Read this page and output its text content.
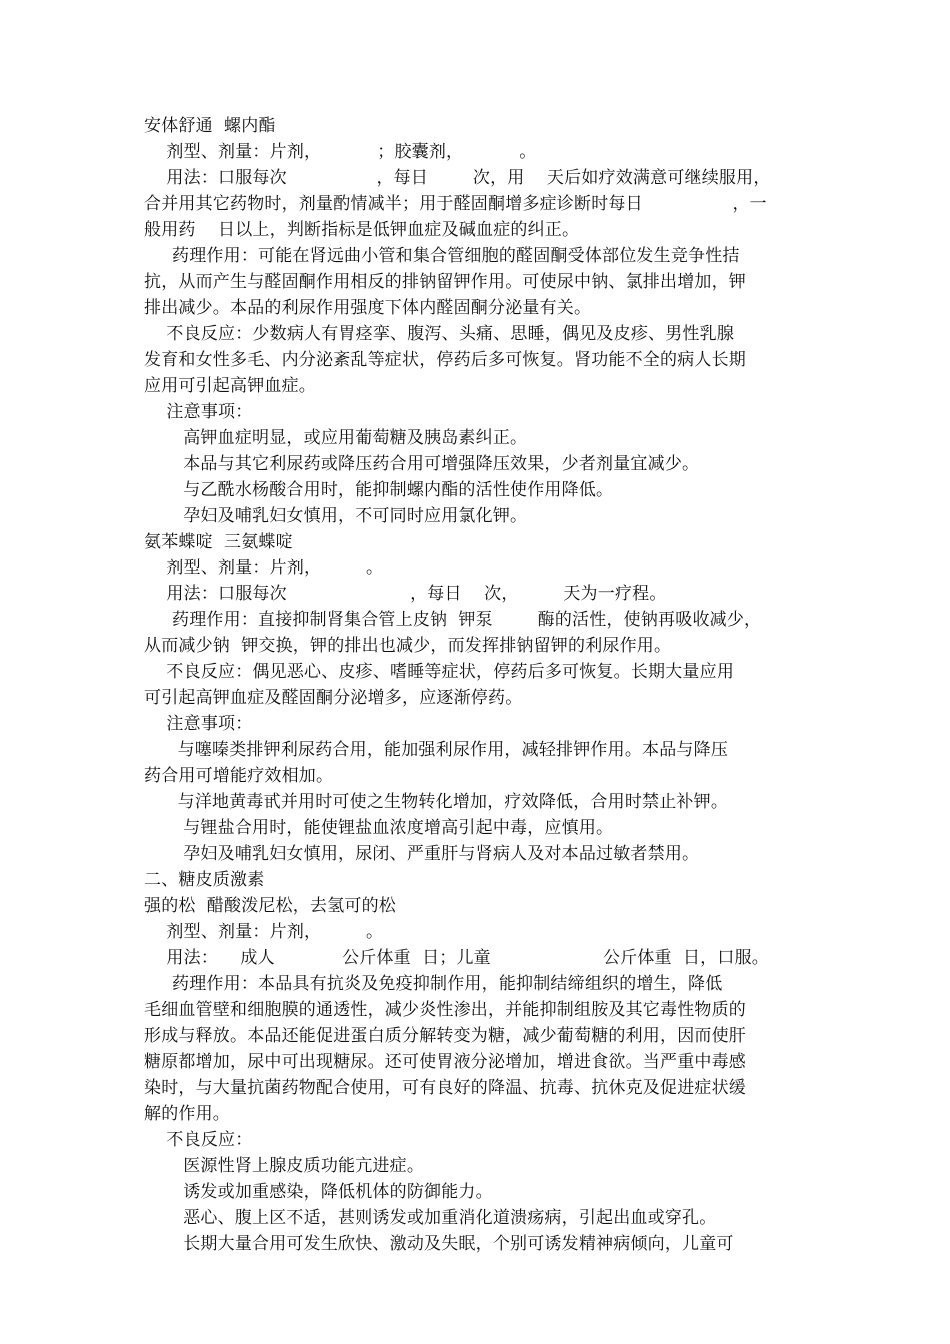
安体舒通  螺内酯
剂型、剂量：片剂，          ；胶囊剂，          。
用法：口服每次                ，每日        次，用    天后如疗效满意可继续服用，
合并用其它药物时，剂量酌情减半；用于醛固酮增多症诊断时每日                ，一
般用药    日以上，判断指标是低钾血症及碱血症的纠正。
药理作用：可能在肾远曲小管和集合管细胞的醛固酮受体部位发生竞争性拮
抗，从而产生与醛固酮作用相反的排钠留钾作用。可使尿中钠、氯排出增加，钾
排出减少。本品的利尿作用强度下体内醛固酮分泌量有关。
不良反应：少数病人有胃痉挛、腹泻、头痛、思睡，偶见及皮疹、男性乳腺
发育和女性多毛、内分泌紊乱等症状，停药后多可恢复。肾功能不全的病人长期
应用可引起高钾血症。
注意事项：
高钾血症明显，或应用葡萄糖及胰岛素纠正。
本品与其它利尿药或降压药合用可增强降压效果，少者剂量宜减少。
与乙酰水杨酸合用时，能抑制螺内酯的活性使作用降低。
孕妇及哺乳妇女慎用，不可同时应用氯化钾。
氨苯蝶啶  三氨蝶啶
剂型、剂量：片剂，        。
用法：口服每次                      ，每日    次，        天为一疗程。
药理作用：直接抑制肾集合管上皮钠  钾泵        酶的活性，使钠再吸收减少，
从而减少钠  钾交换，钾的排出也减少，而发挥排钠留钾的利尿作用。
不良反应：偶见恶心、皮疹、嗜睡等症状，停药后多可恢复。长期大量应用
可引起高钾血症及醛固酮分泌增多，应逐渐停药。
注意事项：
与噻嗪类排钾利尿药合用，能加强利尿作用，减轻排钾作用。本品与降压
药合用可增能疗效相加。
与洋地黄毒甙并用时可使之生物转化增加，疗效降低，合用时禁止补钾。
与锂盐合用时，能使锂盐血浓度增高引起中毒，应慎用。
孕妇及哺乳妇女慎用，尿闭、严重肝与肾病人及对本品过敏者禁用。
二、糖皮质激素
强的松  醋酸泼尼松，去氢可的松
剂型、剂量：片剂，        。
用法：    成人            公斤体重  日；儿童                    公斤体重  日，口服。
药理作用：本品具有抗炎及免疫抑制作用，能抑制结缔组织的增生，降低
毛细血管壁和细胞膜的通透性，减少炎性渗出，并能抑制组胺及其它毒性物质的
形成与释放。本品还能促进蛋白质分解转变为糖，减少葡萄糖的利用，因而使肝
糖原都增加，尿中可出现糖尿。还可使胃液分泌增加，增进食欲。当严重中毒感
染时，与大量抗菌药物配合使用，可有良好的降温、抗毒、抗休克及促进症状缓
解的作用。
不良反应：
医源性肾上腺皮质功能亢进症。
诱发或加重感染，降低机体的防御能力。
恶心、腹上区不适，甚则诱发或加重消化道溃疡病，引起出血或穿孔。
长期大量合用可发生欣快、激动及失眠，个别可诱发精神病倾向，儿童可
